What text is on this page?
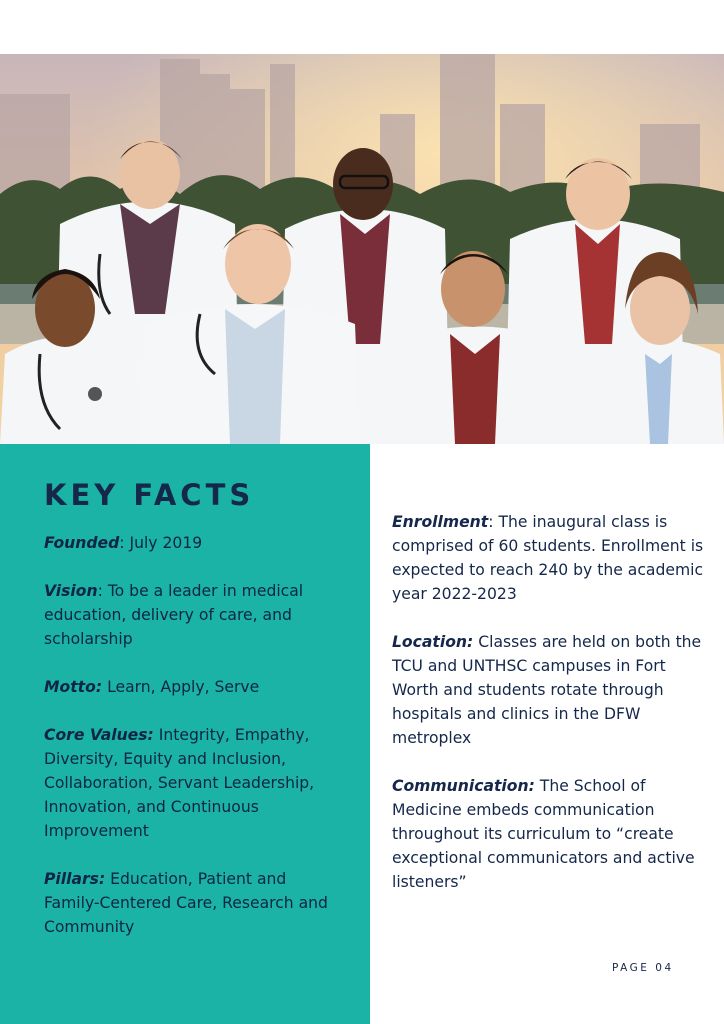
KEY FACTS

Founded: July 2019

Vision: To be a leader in medical education, delivery of care, and scholarship

Motto: Learn, Apply, Serve

Core Values: Integrity, Empathy, Diversity, Equity and Inclusion, Collaboration, Servant Leadership, Innovation, and Continuous Improvement

Pillars: Education, Patient and Family-Centered Care, Research and Community

Enrollment: The inaugural class is comprised of 60 students. Enrollment is expected to reach 240 by the academic year 2022-2023

Location: Classes are held on both the TCU and UNTHSC campuses in Fort Worth and students rotate through hospitals and clinics in the DFW metroplex

Communication: The School of Medicine embeds communication throughout its curriculum to “create exceptional communicators and active listeners”

PAGE 04
